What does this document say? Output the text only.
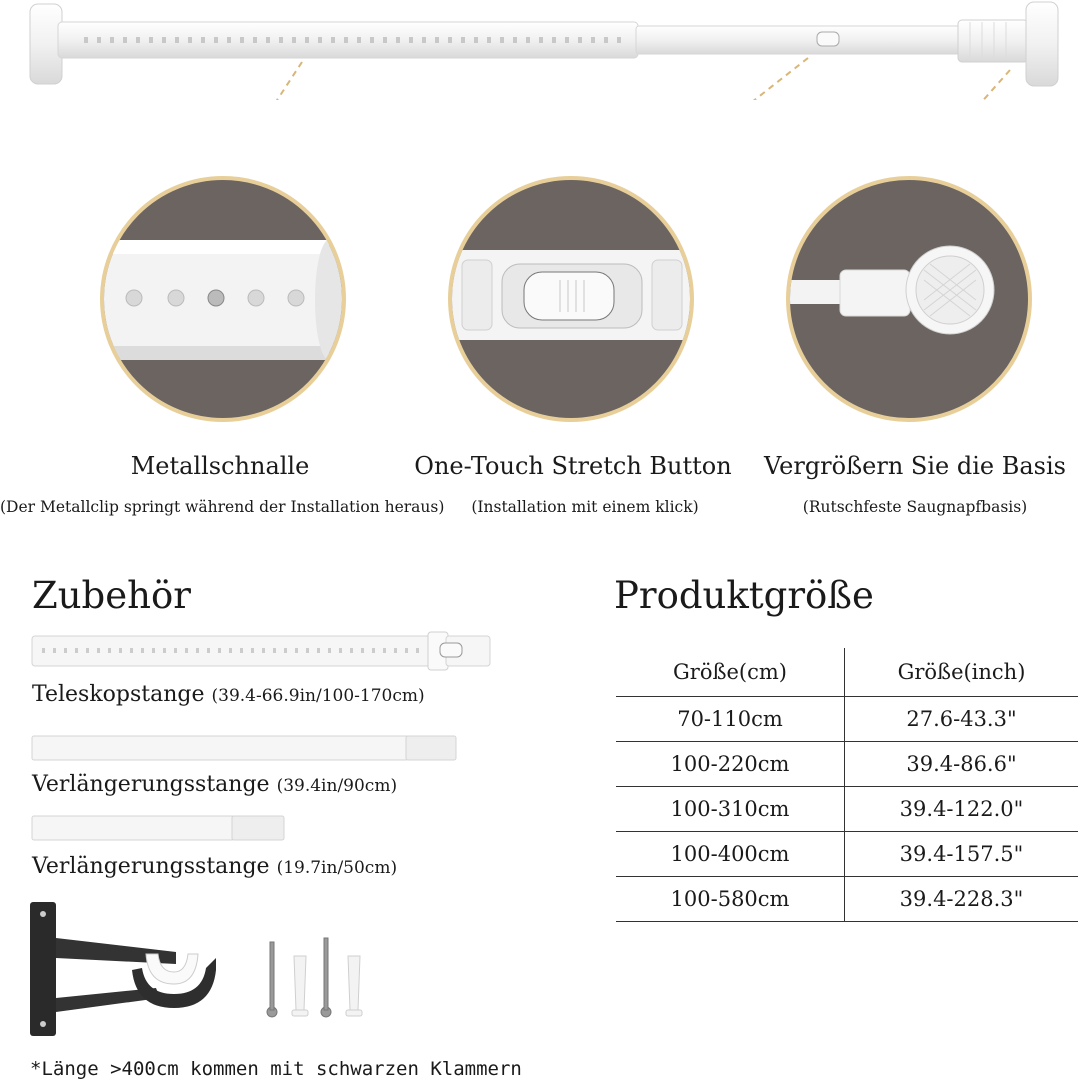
Metallschnalle
(Der Metallclip springt während der Installation heraus)
One-Touch Stretch Button
(Installation mit einem klick)
Vergrößern Sie die Basis
(Rutschfeste Saugnapfbasis)
Zubehör
Teleskopstange (39.4-66.9in/100-170cm)
Verlängerungsstange (39.4in/90cm)
Verlängerungsstange (19.7in/50cm)
Produktgröße
Größe(cm)	Größe(inch)
70-110cm	27.6-43.3"
100-220cm	39.4-86.6"
100-310cm	39.4-122.0"
100-400cm	39.4-157.5"
100-580cm	39.4-228.3"
*Länge >400cm kommen mit schwarzen Klammern
